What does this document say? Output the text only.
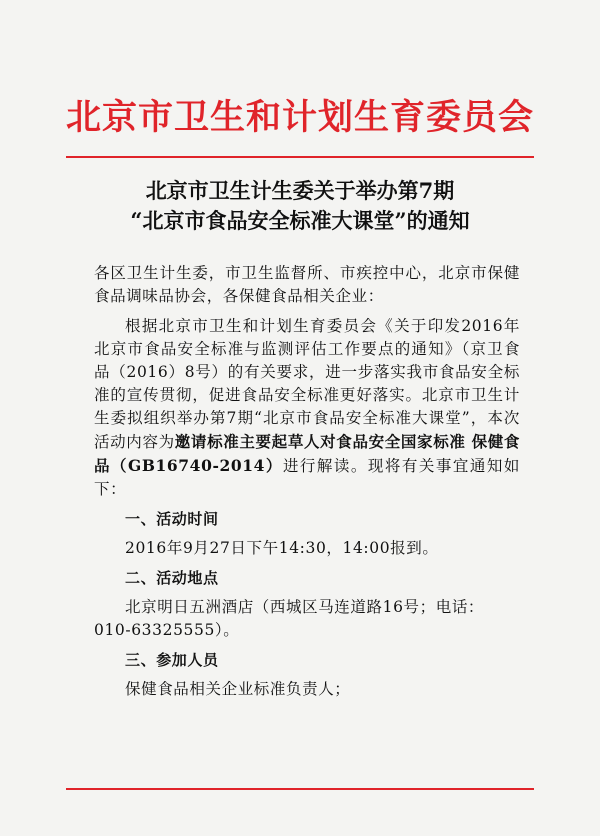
北京市卫生和计划生育委员会
北京市卫生计生委关于举办第7期
“北京市食品安全标准大课堂”的通知

各区卫生计生委，市卫生监督所、市疾控中心，北京市保健食品调味品协会，各保健食品相关企业：

根据北京市卫生和计划生育委员会《关于印发2016年北京市食品安全标准与监测评估工作要点的通知》（京卫食品（2016）8号）的有关要求，进一步落实我市食品安全标准的宣传贯彻，促进食品安全标准更好落实。北京市卫生计生委拟组织举办第7期“北京市食品安全标准大课堂”，本次活动内容为邀请标准主要起草人对食品安全国家标准 保健食品（GB16740-2014）进行解读。现将有关事宜通知如下：

一、活动时间

2016年9月27日下午14:30，14:00报到。

二、活动地点

北京明日五洲酒店（西城区马连道路16号；电话：

010-63325555）。

三、参加人员

保健食品相关企业标准负责人；
